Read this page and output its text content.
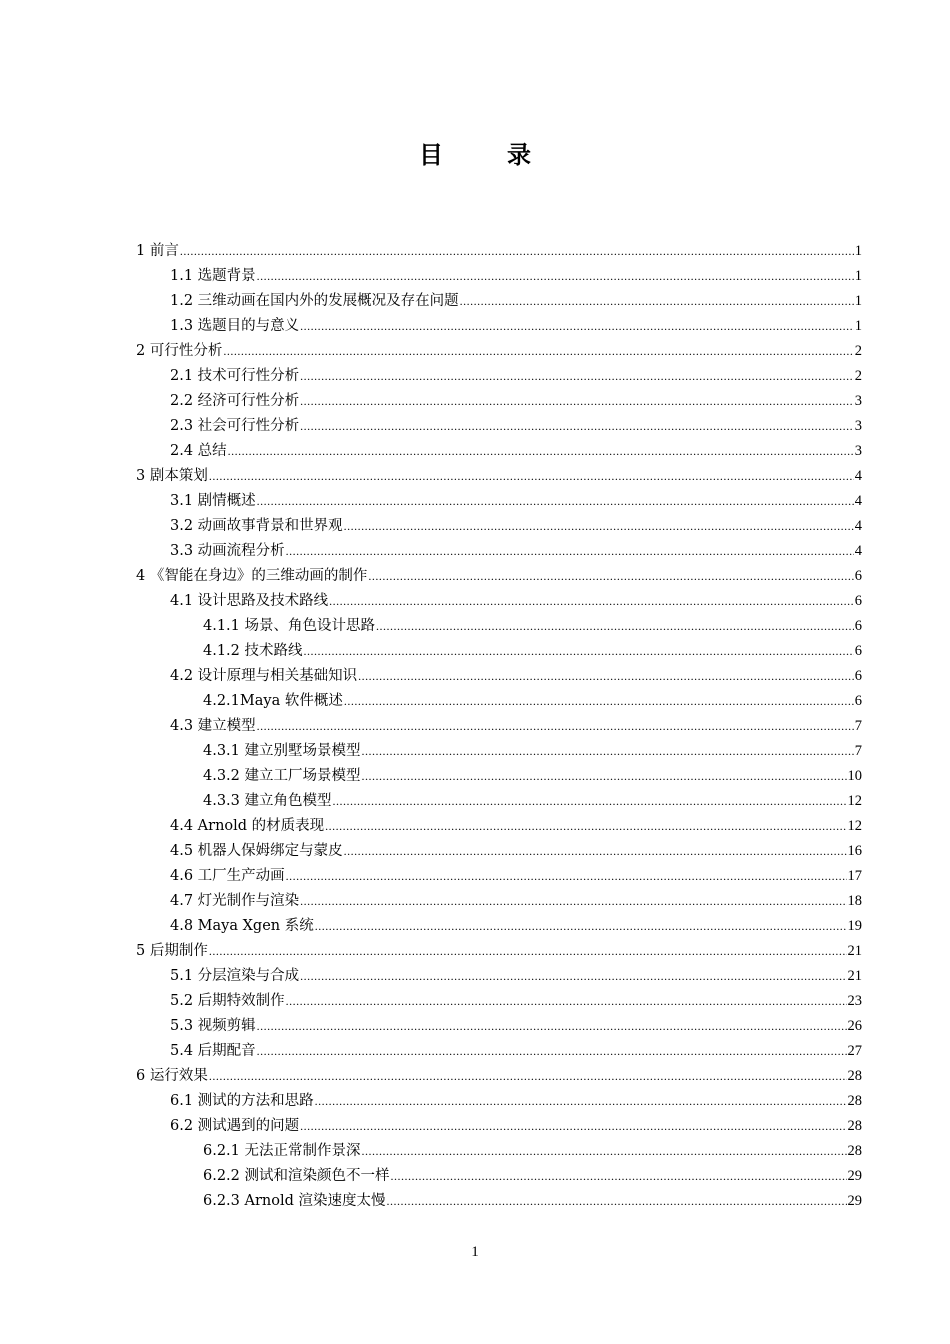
目　录
1 前言 .....	1
1.1 选题背景 .....	1
1.2 三维动画在国内外的发展概况及存在问题 .....	1
1.3 选题目的与意义 .....	1
2 可行性分析 .....	2
2.1 技术可行性分析 .....	2
2.2 经济可行性分析 .....	3
2.3 社会可行性分析 .....	3
2.4 总结 .....	3
3 剧本策划 .....	4
3.1 剧情概述 .....	4
3.2 动画故事背景和世界观 .....	4
3.3 动画流程分析 .....	4
4 《智能在身边》的三维动画的制作 .....	6
4.1 设计思路及技术路线 .....	6
4.1.1 场景、角色设计思路 .....	6
4.1.2 技术路线 .....	6
4.2 设计原理与相关基础知识 .....	6
4.2.1Maya 软件概述 .....	6
4.3 建立模型 .....	7
4.3.1 建立别墅场景模型 .....	7
4.3.2 建立工厂场景模型 .....	10
4.3.3 建立角色模型 .....	12
4.4 Arnold 的材质表现 .....	12
4.5 机器人保姆绑定与蒙皮 .....	16
4.6 工厂生产动画 .....	17
4.7 灯光制作与渲染 .....	18
4.8 Maya Xgen 系统 .....	19
5 后期制作 .....	21
5.1 分层渲染与合成 .....	21
5.2 后期特效制作 .....	23
5.3 视频剪辑 .....	26
5.4 后期配音 .....	27
6 运行效果 .....	28
6.1 测试的方法和思路 .....	28
6.2 测试遇到的问题 .....	28
6.2.1 无法正常制作景深 .....	28
6.2.2 测试和渲染颜色不一样 .....	29
6.2.3 Arnold 渲染速度太慢 .....	29
1
